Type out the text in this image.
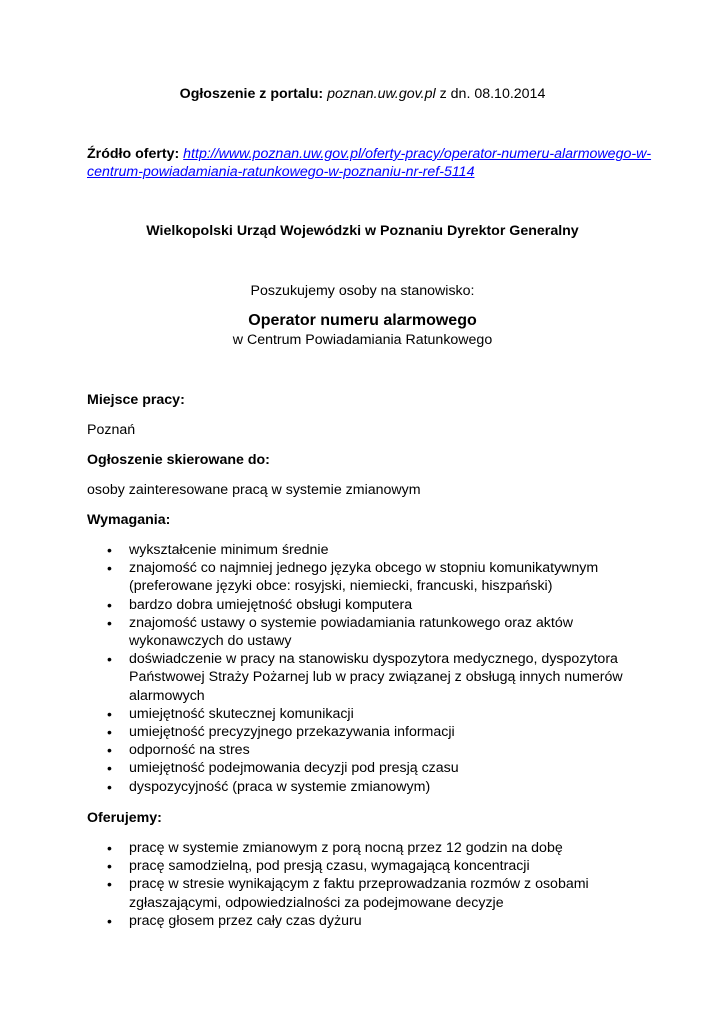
Ogłoszenie z portalu: poznan.uw.gov.pl z dn. 08.10.2014
Źródło oferty: http://www.poznan.uw.gov.pl/oferty-pracy/operator-numeru-alarmowego-w-
centrum-powiadamiania-ratunkowego-w-poznaniu-nr-ref-5114
Wielkopolski Urząd Wojewódzki w Poznaniu Dyrektor Generalny
Poszukujemy osoby na stanowisko:
Operator numeru alarmowego
w Centrum Powiadamiania Ratunkowego
Miejsce pracy:
Poznań
Ogłoszenie skierowane do:
osoby zainteresowane pracą w systemie zmianowym
Wymagania:
• wykształcenie minimum średnie
• znajomość co najmniej jednego języka obcego w stopniu komunikatywnym (preferowane języki obce: rosyjski, niemiecki, francuski, hiszpański)
• bardzo dobra umiejętność obsługi komputera
• znajomość ustawy o systemie powiadamiania ratunkowego oraz aktów wykonawczych do ustawy
• doświadczenie w pracy na stanowisku dyspozytora medycznego, dyspozytora Państwowej Straży Pożarnej lub w pracy związanej z obsługą innych numerów alarmowych
• umiejętność skutecznej komunikacji
• umiejętność precyzyjnego przekazywania informacji
• odporność na stres
• umiejętność podejmowania decyzji pod presją czasu
• dyspozycyjność (praca w systemie zmianowym)
Oferujemy:
• pracę w systemie zmianowym z porą nocną przez 12 godzin na dobę
• pracę samodzielną, pod presją czasu, wymagającą koncentracji
• pracę w stresie wynikającym z faktu przeprowadzania rozmów z osobami zgłaszającymi, odpowiedzialności za podejmowane decyzje
• pracę głosem przez cały czas dyżuru
